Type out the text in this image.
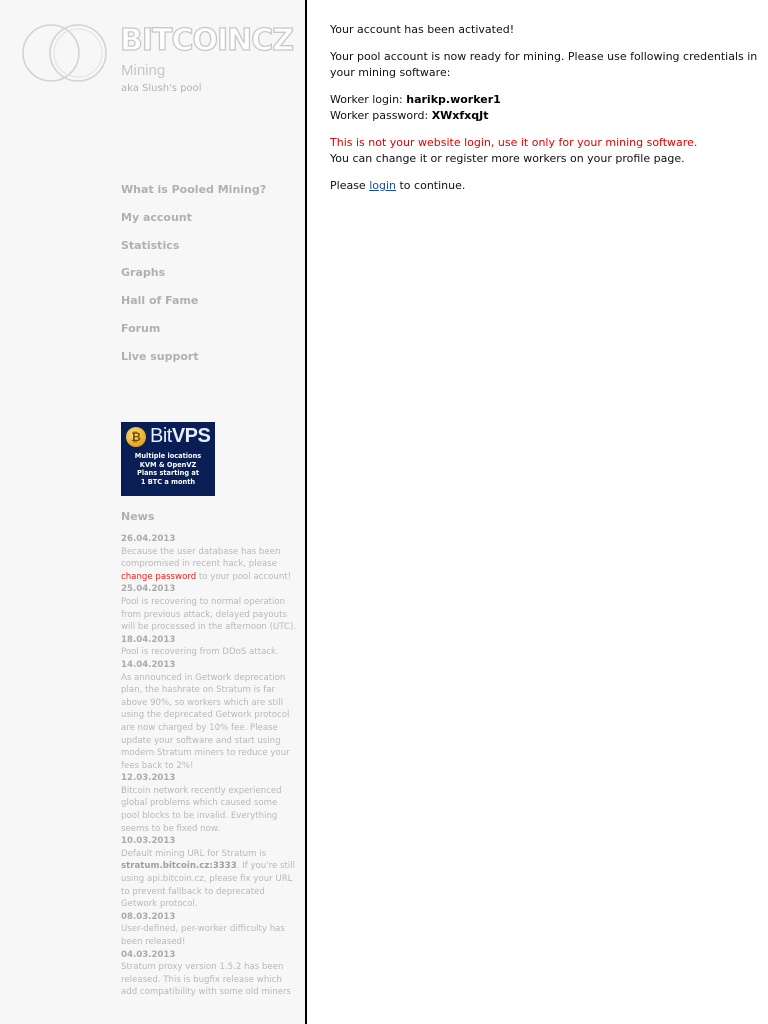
BITCOINCZ
Mining
aka Slush's pool
What is Pooled Mining?
My account
Statistics
Graphs
Hall of Fame
Forum
Live support
₿ BitVPS
Multiple locations
KVM & OpenVZ
Plans starting at
1 BTC a month
News
26.04.2013
Because the user database has been compromised in recent hack, please change password to your pool account!
25.04.2013
Pool is recovering to normal operation from previous attack, delayed payouts will be processed in the afternoon (UTC).
18.04.2013
Pool is recovering from DDoS attack.
14.04.2013
As announced in Getwork deprecation plan, the hashrate on Stratum is far above 90%, so workers which are still using the deprecated Getwork protocol are now charged by 10% fee. Please update your software and start using modern Stratum miners to reduce your fees back to 2%!
12.03.2013
Bitcoin network recently experienced global problems which caused some pool blocks to be invalid. Everything seems to be fixed now.
10.03.2013
Default mining URL for Stratum is stratum.bitcoin.cz:3333. If you're still using api.bitcoin.cz, please fix your URL to prevent fallback to deprecated Getwork protocol.
08.03.2013
User-defined, per-worker difficulty has been released!
04.03.2013
Stratum proxy version 1.5.2 has been released. This is bugfix release which add compatibility with some old miners

Your account has been activated!

Your pool account is now ready for mining. Please use following credentials in your mining software:

Worker login: harikp.worker1

Worker password: XWxfxqJt

This is not your website login, use it only for your mining software.

You can change it or register more workers on your profile page.

Please login to continue.
